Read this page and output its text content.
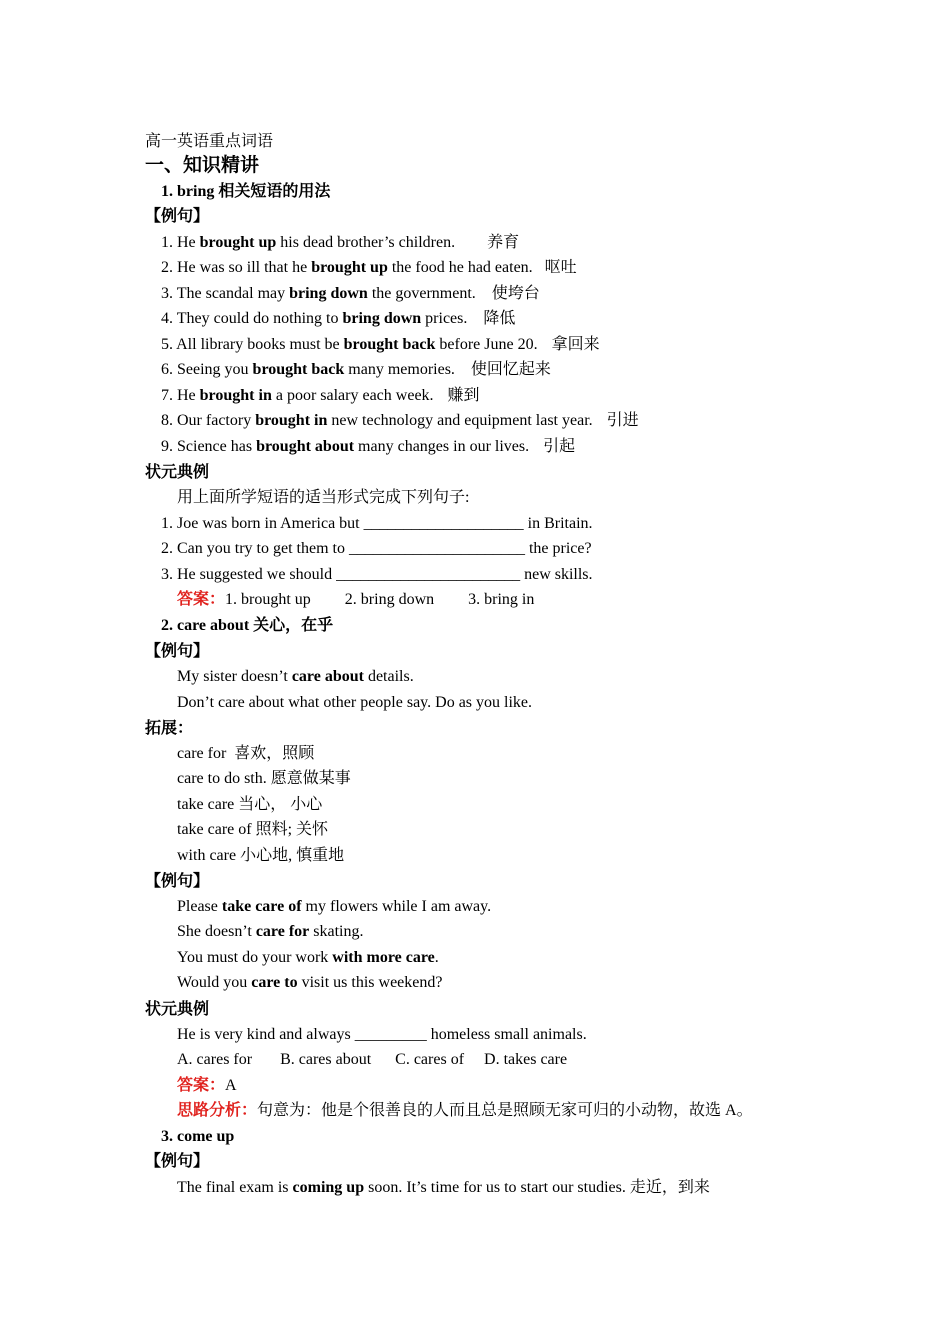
高一英语重点词语
一、知识精讲
1. bring 相关短语的用法
【例句】
1. He brought up his dead brother’s children. 养育
2. He was so ill that he brought up the food he had eaten. 呕吐
3. The scandal may bring down the government. 使垮台
4. They could do nothing to bring down prices. 降低
5. All library books must be brought back before June 20. 拿回来
6. Seeing you brought back many memories. 使回忆起来
7. He brought in a poor salary each week. 赚到
8. Our factory brought in new technology and equipment last year. 引进
9. Science has brought about many changes in our lives. 引起
状元典例
用上面所学短语的适当形式完成下列句子:
1. Joe was born in America but ____________________ in Britain.
2. Can you try to get them to ______________________ the price?
3. He suggested we should _______________________ new skills.
答案：1. brought up 2. bring down 3. bring in
2. care about 关心，在乎
【例句】
My sister doesn’t care about details.
Don’t care about what other people say. Do as you like.
拓展：
care for  喜欢，照顾
care to do sth. 愿意做某事
take care 当心， 小心
take care of 照料; 关怀
with care 小心地, 慎重地
【例句】
Please take care of my flowers while I am away.
She doesn’t care for skating.
You must do your work with more care.
Would you care to visit us this weekend?
状元典例
He is very kind and always _________ homeless small animals.
A. cares for B. cares about C. cares of D. takes care
答案：A
思路分析：句意为：他是个很善良的人而且总是照顾无家可归的小动物，故选 A。
3. come up
【例句】
The final exam is coming up soon. It’s time for us to start our studies. 走近，到来
